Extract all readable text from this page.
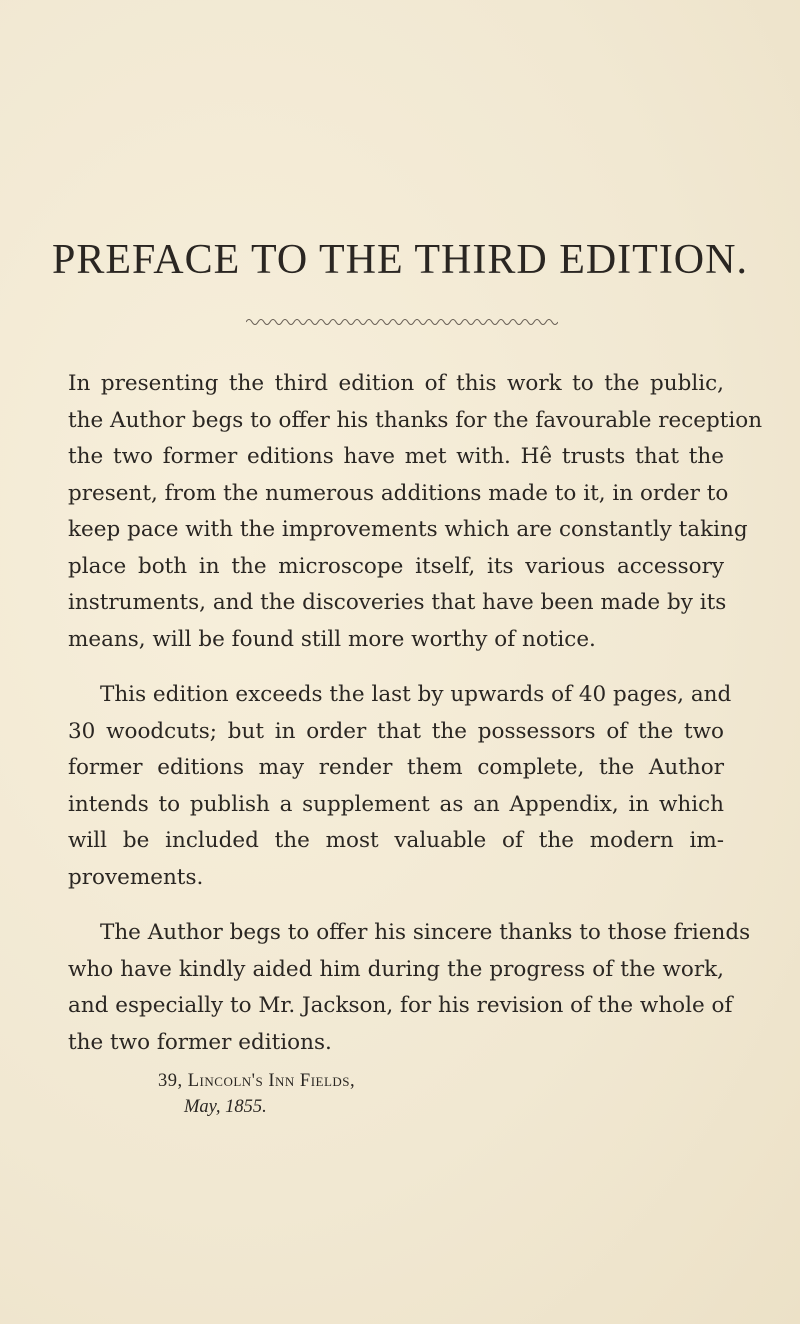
PREFACE TO THE THIRD EDITION.

In presenting the third edition of this work to the public,
the Author begs to offer his thanks for the favourable reception
the two former editions have met with. Hê trusts that the
present, from the numerous additions made to it, in order to
keep pace with the improvements which are constantly taking
place both in the microscope itself, its various accessory
instruments, and the discoveries that have been made by its
means, will be found still more worthy of notice.

This edition exceeds the last by upwards of 40 pages, and
30 woodcuts; but in order that the possessors of the two
former editions may render them complete, the Author
intends to publish a supplement as an Appendix, in which
will be included the most valuable of the modern im-
provements.

The Author begs to offer his sincere thanks to those friends
who have kindly aided him during the progress of the work,
and especially to Mr. Jackson, for his revision of the whole of
the two former editions.

39, Lincoln's Inn Fields,
May, 1855.
